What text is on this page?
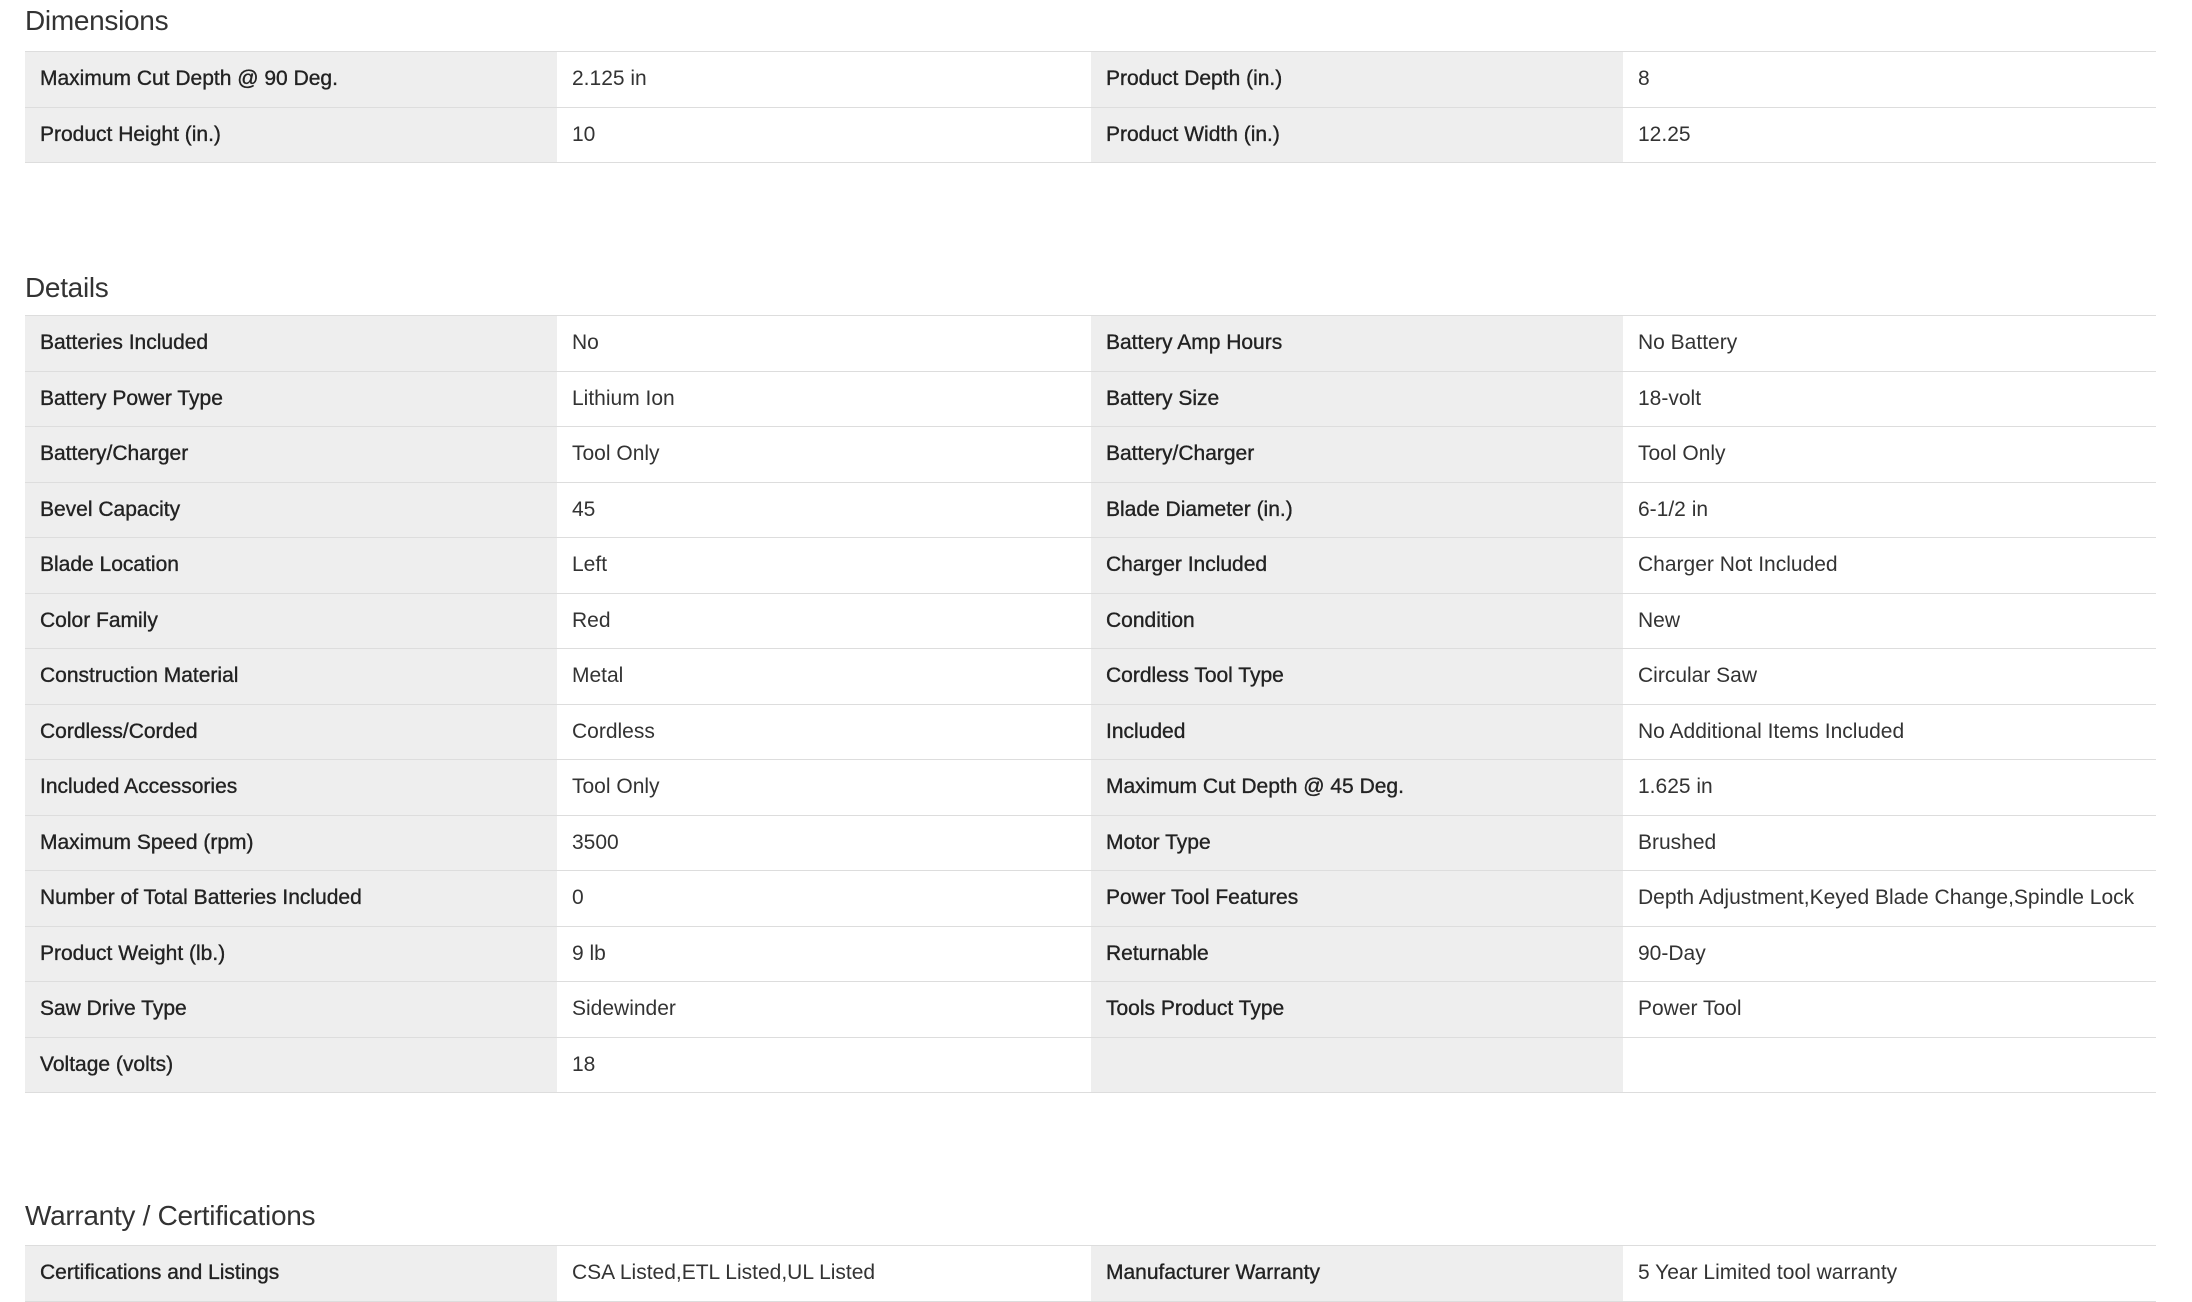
Dimensions
Maximum Cut Depth @ 90 Deg.	2.125 in	Product Depth (in.)	8
Product Height (in.)	10	Product Width (in.)	12.25
Details
Batteries Included	No	Battery Amp Hours	No Battery
Battery Power Type	Lithium Ion	Battery Size	18-volt
Battery/Charger	Tool Only	Battery/Charger	Tool Only
Bevel Capacity	45	Blade Diameter (in.)	6-1/2 in
Blade Location	Left	Charger Included	Charger Not Included
Color Family	Red	Condition	New
Construction Material	Metal	Cordless Tool Type	Circular Saw
Cordless/Corded	Cordless	Included	No Additional Items Included
Included Accessories	Tool Only	Maximum Cut Depth @ 45 Deg.	1.625 in
Maximum Speed (rpm)	3500	Motor Type	Brushed
Number of Total Batteries Included	0	Power Tool Features	Depth Adjustment,Keyed Blade Change,Spindle Lock
Product Weight (lb.)	9 lb	Returnable	90-Day
Saw Drive Type	Sidewinder	Tools Product Type	Power Tool
Voltage (volts)	18		
Warranty / Certifications
Certifications and Listings	CSA Listed,ETL Listed,UL Listed	Manufacturer Warranty	5 Year Limited tool warranty
